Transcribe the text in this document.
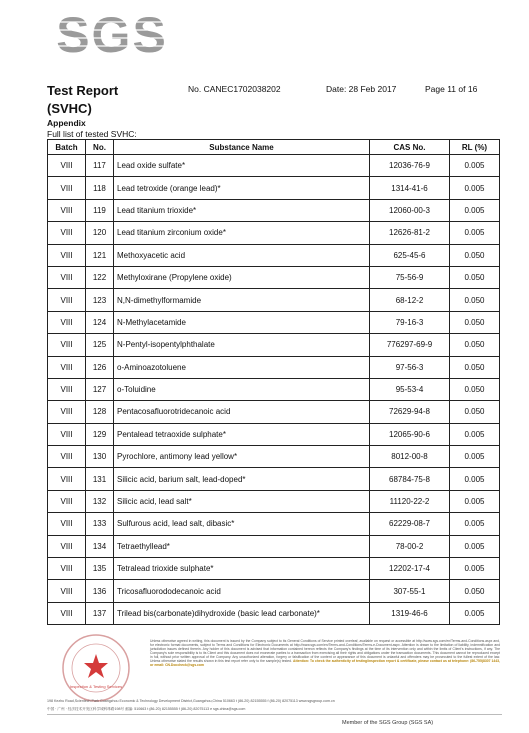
SGS
Test Report
(SVHC)
No. CANEC1702038202	Date: 28 Feb 2017	Page 11 of 16
Appendix
Full list of tested SVHC:
Batch	No.	Substance Name	CAS No.	RL (%)
VIII	117	Lead oxide sulfate*	12036-76-9	0.005
VIII	118	Lead tetroxide (orange lead)*	1314-41-6	0.005
VIII	119	Lead titanium trioxide*	12060-00-3	0.005
VIII	120	Lead titanium zirconium oxide*	12626-81-2	0.005
VIII	121	Methoxyacetic acid	625-45-6	0.050
VIII	122	Methyloxirane (Propylene oxide)	75-56-9	0.050
VIII	123	N,N-dimethylformamide	68-12-2	0.050
VIII	124	N-Methylacetamide	79-16-3	0.050
VIII	125	N-Pentyl-isopentylphthalate	776297-69-9	0.050
VIII	126	o-Aminoazotoluene	97-56-3	0.050
VIII	127	o-Toluidine	95-53-4	0.050
VIII	128	Pentacosafluorotridecanoic acid	72629-94-8	0.050
VIII	129	Pentalead tetraoxide sulphate*	12065-90-6	0.005
VIII	130	Pyrochlore, antimony lead yellow*	8012-00-8	0.005
VIII	131	Silicic acid, barium salt, lead-doped*	68784-75-8	0.005
VIII	132	Silicic acid, lead salt*	11120-22-2	0.005
VIII	133	Sulfurous acid, lead salt, dibasic*	62229-08-7	0.005
VIII	134	Tetraethyllead*	78-00-2	0.005
VIII	135	Tetralead trioxide sulphate*	12202-17-4	0.005
VIII	136	Tricosafluorododecanoic acid	307-55-1	0.050
VIII	137	Trilead bis(carbonate)dihydroxide (basic lead carbonate)*	1319-46-6	0.005
Inspection & Testing Services
Unless otherwise agreed in writing, this document is issued by the Company subject to its General Conditions of Service printed overleaf, available on request or accessible at http://www.sgs.com/en/Terms-and-Conditions.aspx and, for electronic format documents, subject to Terms and Conditions for Electronic Documents at http://www.sgs.com/en/Terms-and-Conditions/Terms-e-Document.aspx. Attention is drawn to the limitation of liability, indemnification and jurisdiction issues defined therein. Any holder of this document is advised that information contained hereon reflects the Company's findings at the time of its intervention only and within the limits of Client's instructions, if any. The Company's sole responsibility is to its Client and this document does not exonerate parties to a transaction from exercising all their rights and obligations under the transaction documents. This document cannot be reproduced except in full, without prior written approval of the Company. Any unauthorized alteration, forgery or falsification of the content or appearance of this document is unlawful and offenders may be prosecuted to the fullest extent of the law. Unless otherwise stated the results shown in this test report refer only to the sample(s) tested. Attention: To check the authenticity of testing/inspection report & certificate, please contact us at telephone: (86-755)8307 1443, or email: CN.Doccheck@sgs.com
198 Kezhu Road,Scientech Park Guangzhou Economic & Technology Development District,Guangzhou,China 510663 t (86-20) 82155555 f (86-20) 82075113 www.sgsgroup.com.cn
中国 · 广州 · 经济技术开发区科学城科珠路198号 邮编: 510663 t (86-20) 82155555 f (86-20) 82075113 e sgs.china@sgs.com
Member of the SGS Group (SGS SA)
